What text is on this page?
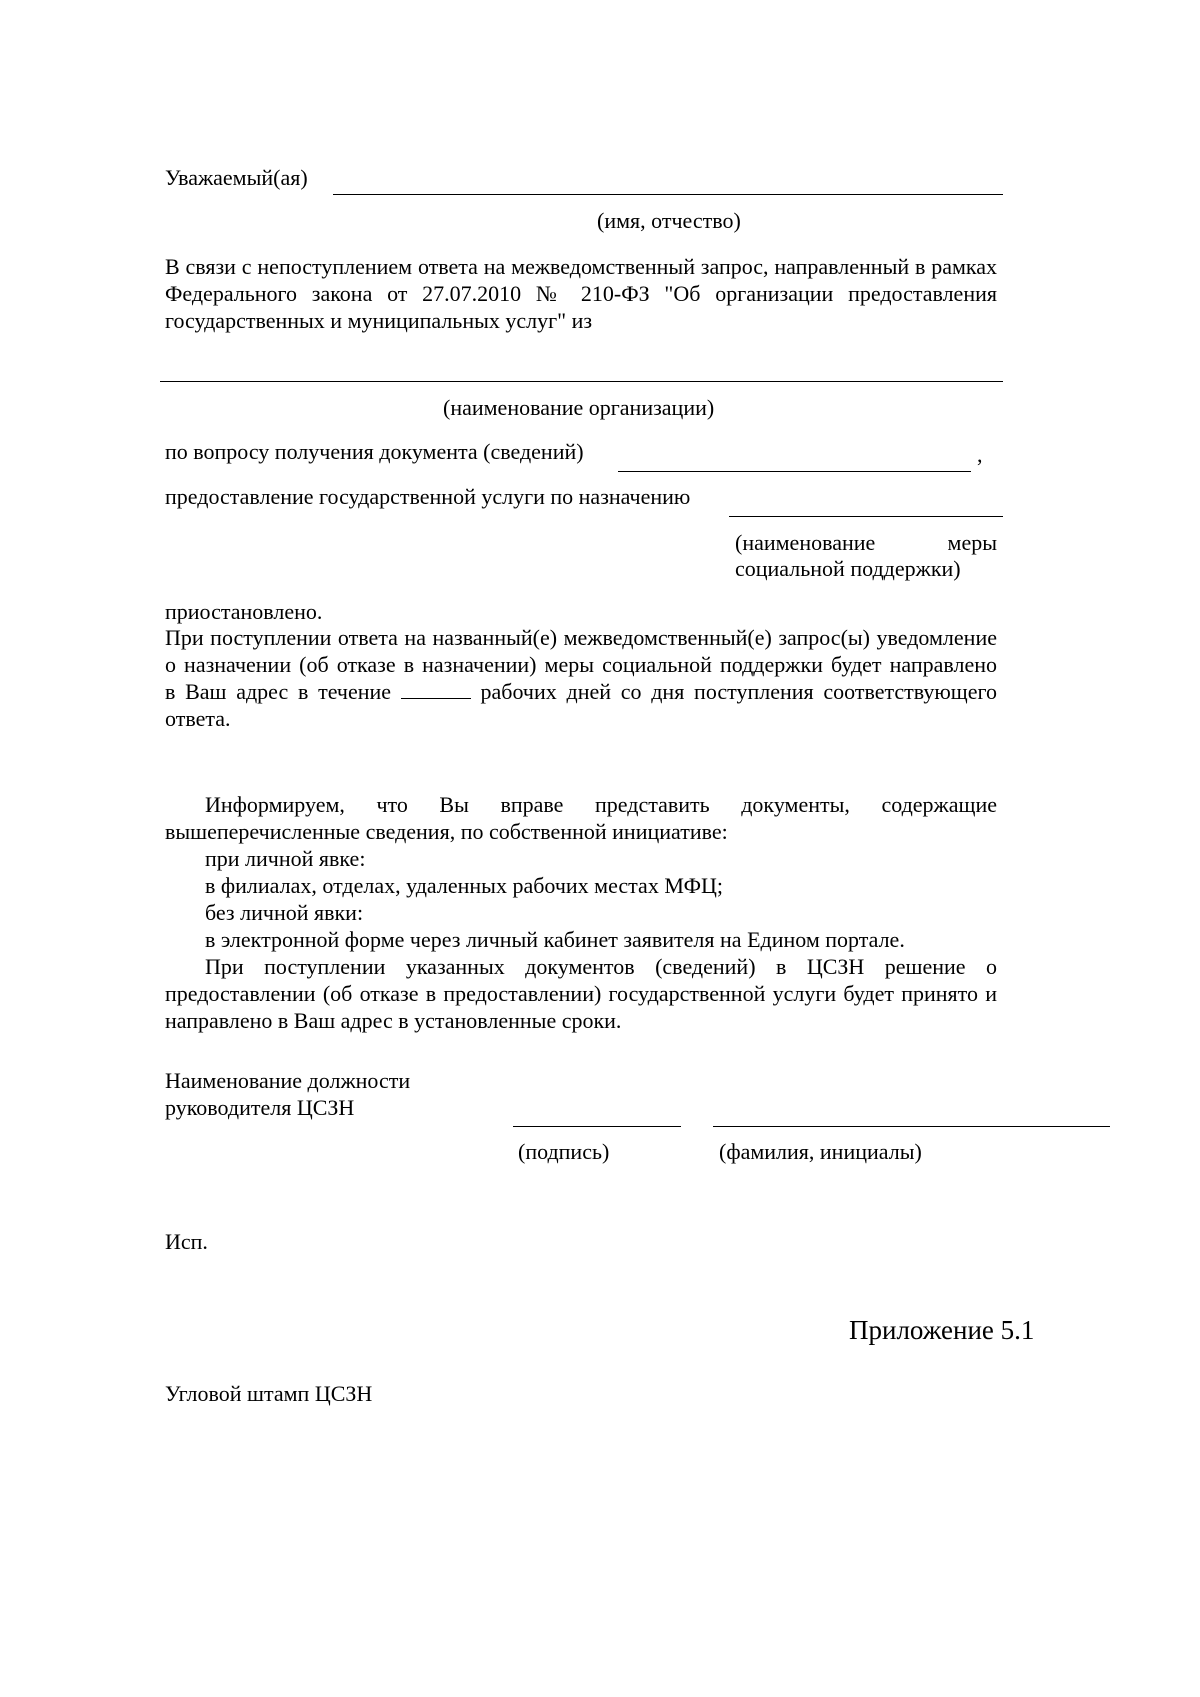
Уважаемый(ая)
(имя, отчество)
В связи с непоступлением ответа на межведомственный запрос, направленный в рамках
Федерального закона от 27.07.2010 № 210-ФЗ "Об организации предоставления
государственных и муниципальных услуг" из
(наименование организации)
по вопросу получения документа (сведений)	,
предоставление государственной услуги по назначению
(наименование	меры
социальной поддержки)
приостановлено.
При поступлении ответа на названный(е) межведомственный(е) запрос(ы) уведомление
о назначении (об отказе в назначении) меры социальной поддержки будет направлено
в Ваш адрес в течение	рабочих дней со дня поступления соответствующего
ответа.
Информируем, что Вы вправе представить документы, содержащие
вышеперечисленные сведения, по собственной инициативе:
при личной явке:
в филиалах, отделах, удаленных рабочих местах МФЦ;
без личной явки:
в электронной форме через личный кабинет заявителя на Едином портале.
При поступлении указанных документов (сведений) в ЦСЗН решение о
предоставлении (об отказе в предоставлении) государственной услуги будет принято и
направлено в Ваш адрес в установленные сроки.
Наименование должности
руководителя ЦСЗН
(подпись)	(фамилия, инициалы)
Исп.
Приложение 5.1
Угловой штамп ЦСЗН
